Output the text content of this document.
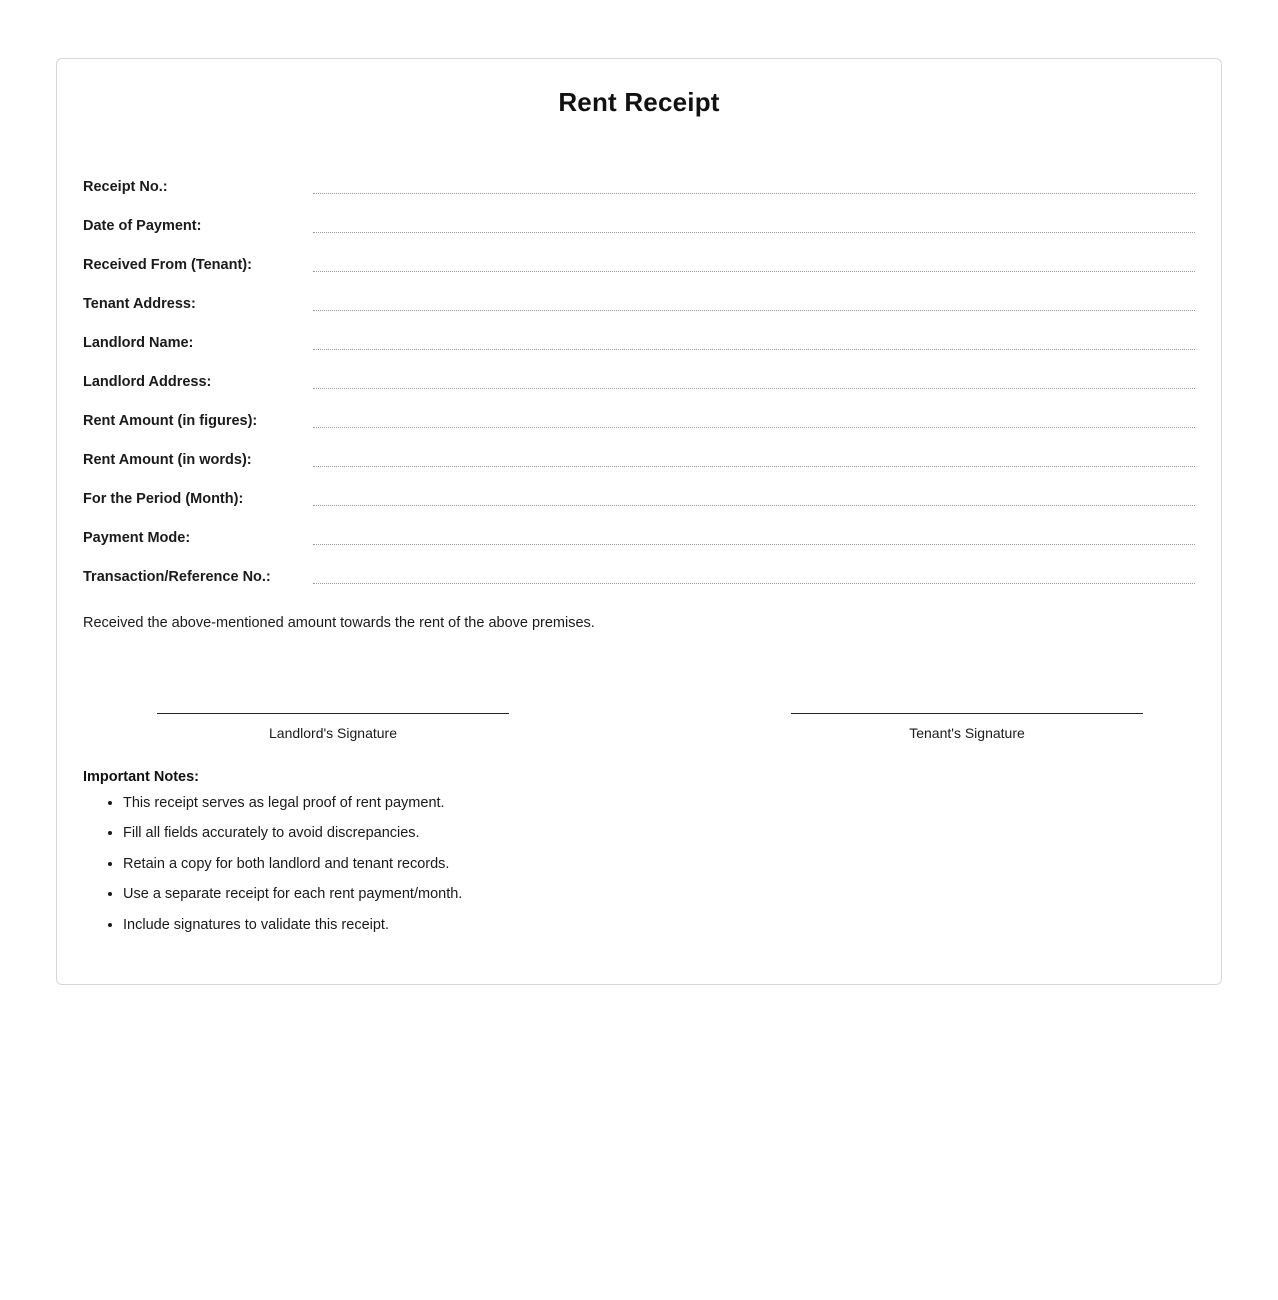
Rent Receipt
Receipt No.:
Date of Payment:
Received From (Tenant):
Tenant Address:
Landlord Name:
Landlord Address:
Rent Amount (in figures):
Rent Amount (in words):
For the Period (Month):
Payment Mode:
Transaction/Reference No.:
Received the above-mentioned amount towards the rent of the above premises.
Landlord's Signature	Tenant's Signature
Important Notes:
• This receipt serves as legal proof of rent payment.
• Fill all fields accurately to avoid discrepancies.
• Retain a copy for both landlord and tenant records.
• Use a separate receipt for each rent payment/month.
• Include signatures to validate this receipt.
